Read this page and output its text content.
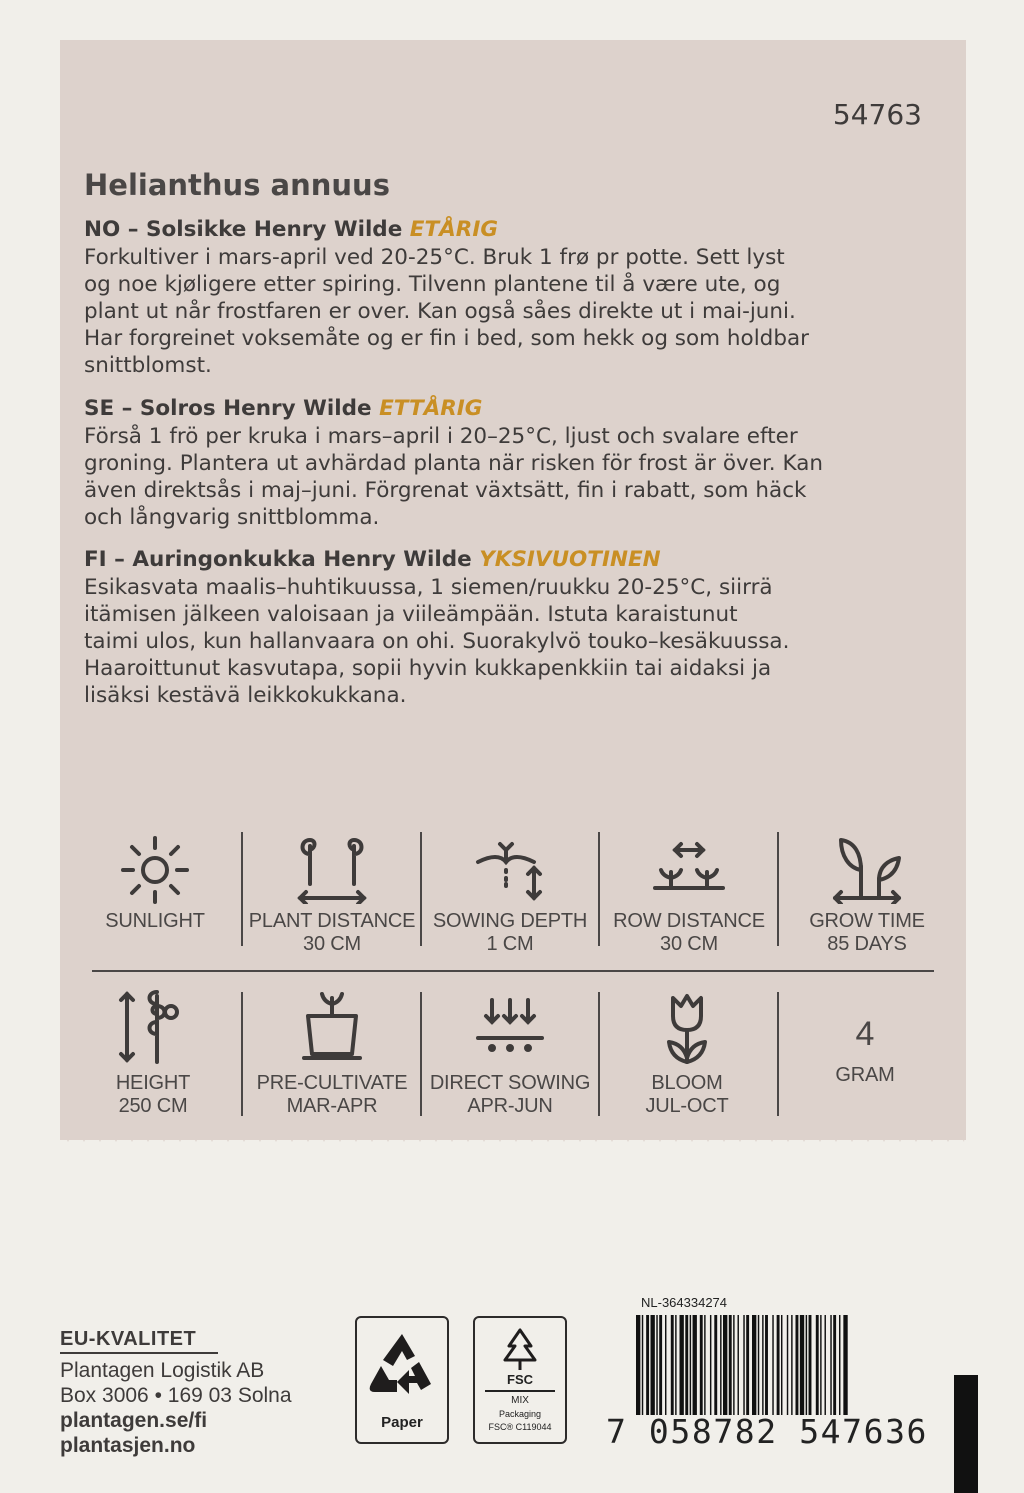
54763
Helianthus annuus
NO – Solsikke Henry Wilde ETÅRIG

Forkultiver i mars-april ved 20-25°C. Bruk 1 frø pr potte. Sett lyst
og noe kjøligere etter spiring. Tilvenn plantene til å være ute, og
plant ut når frostfaren er over. Kan også såes direkte ut i mai-juni.
Har forgreinet voksemåte og er fin i bed, som hekk og som holdbar
snittblomst.

SE – Solros Henry Wilde ETTÅRIG

Förså 1 frö per kruka i mars–april i 20–25°C, ljust och svalare efter
groning. Plantera ut avhärdad planta när risken för frost är över. Kan
även direktsås i maj–juni. Förgrenat växtsätt, fin i rabatt, som häck
och långvarig snittblomma.

FI – Auringonkukka Henry Wilde YKSIVUOTINEN

Esikasvata maalis–huhtikuussa, 1 siemen/ruukku 20-25°C, siirrä
itämisen jälkeen valoisaan ja viileämpään. Istuta karaistunut
taimi ulos, kun hallanvaara on ohi. Suorakylvö touko–kesäkuussa.
Haaroittunut kasvutapa, sopii hyvin kukkapenkkiin tai aidaksi ja
lisäksi kestävä leikkokukkana.

SUNLIGHT	PLANT DISTANCE
30 CM
SOWING DEPTH
1 CM
ROW DISTANCE
30 CM
GROW TIME
85 DAYS
HEIGHT
250 CM
PRE-CULTIVATE
MAR-APR
DIRECT SOWING
APR-JUN
BLOOM
JUL-OCT
4
GRAM
EU-KVALITET
Plantagen Logistik AB
Box 3006 • 169 03 Solna
plantagen.se/fi
plantasjen.no
Paper
FSC
MIX
Packaging
FSC® C119044
NL-364334274
7 058782 547636
